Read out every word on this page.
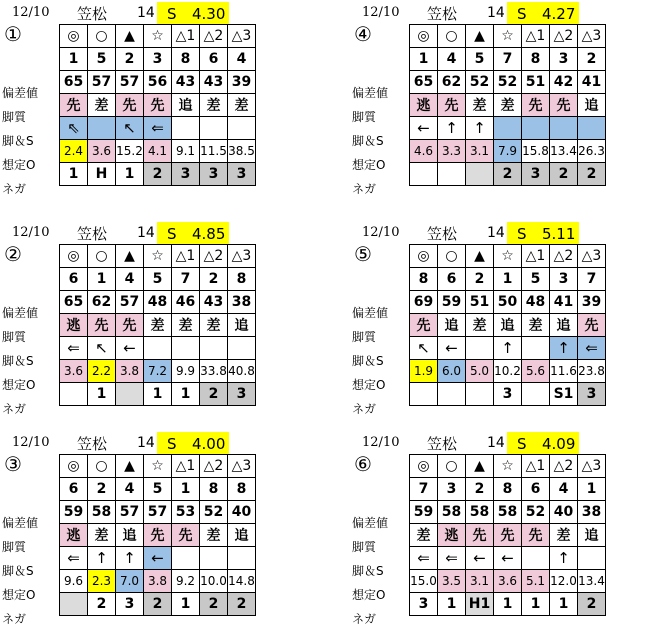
12/10 笠松 14 S 4.30
①
偏差値
脚質
脚＆S
想定O
ネガ
◎	○	▲	☆	△1	△2	△3
1	5	2	3	8	6	4
65	57	57	56	43	43	39
先	差	先	先	追	差	差
⇖		↖	⇐			
2.4	3.6	15.2	4.1	9.1	11.5	38.5
1	H	1	2	3	3	3
12/10 笠松 14 S 4.27
④
偏差値
脚質
脚＆S
想定O
ネガ
◎	○	▲	☆	△1	△2	△3
1	4	5	7	8	3	2
65	62	52	52	51	42	41
逃	先	差	差	先	先	追
←	↑	↑				
4.6	3.3	3.1	7.9	15.8	13.4	26.3
			2	3	2	2
12/10 笠松 14 S 4.85
②
偏差値
脚質
脚＆S
想定O
ネガ
◎	○	▲	☆	△1	△2	△3
6	1	4	5	7	2	8
65	62	57	48	46	43	38
逃	先	先	差	差	差	追
⇐	↖	←				
3.6	2.2	3.8	7.2	9.9	33.8	40.8
	1		1	1	2	3
12/10 笠松 14 S 5.11
⑤
偏差値
脚質
脚＆S
想定O
ネガ
◎	○	▲	☆	△1	△2	△3
8	6	2	1	5	3	7
69	59	51	50	48	41	39
先	追	差	追	差	追	先
↖	←		↑		↑	⇐
1.9	6.0	5.0	10.2	5.6	11.6	23.8
			3		S1	3
12/10 笠松 14 S 4.00
③
偏差値
脚質
脚＆S
想定O
ネガ
◎	○	▲	☆	△1	△2	△3
6	2	4	5	1	8	8
59	58	57	57	53	52	40
逃	差	追	先	先	差	追
⇐	↑	↑	←			
9.6	2.3	7.0	3.8	9.2	10.0	14.8
	2	3	2	1	2	2
12/10 笠松 14 S 4.09
⑥
偏差値
脚質
脚＆S
想定O
ネガ
◎	○	▲	☆	△1	△2	△3
7	3	2	8	6	4	1
59	58	58	58	52	40	38
差	逃	先	先	先	差	追
⇐	⇐	←	←		↑	
15.0	3.5	3.1	3.6	5.1	12.0	13.4
3	1	H1	1	1	1	2
